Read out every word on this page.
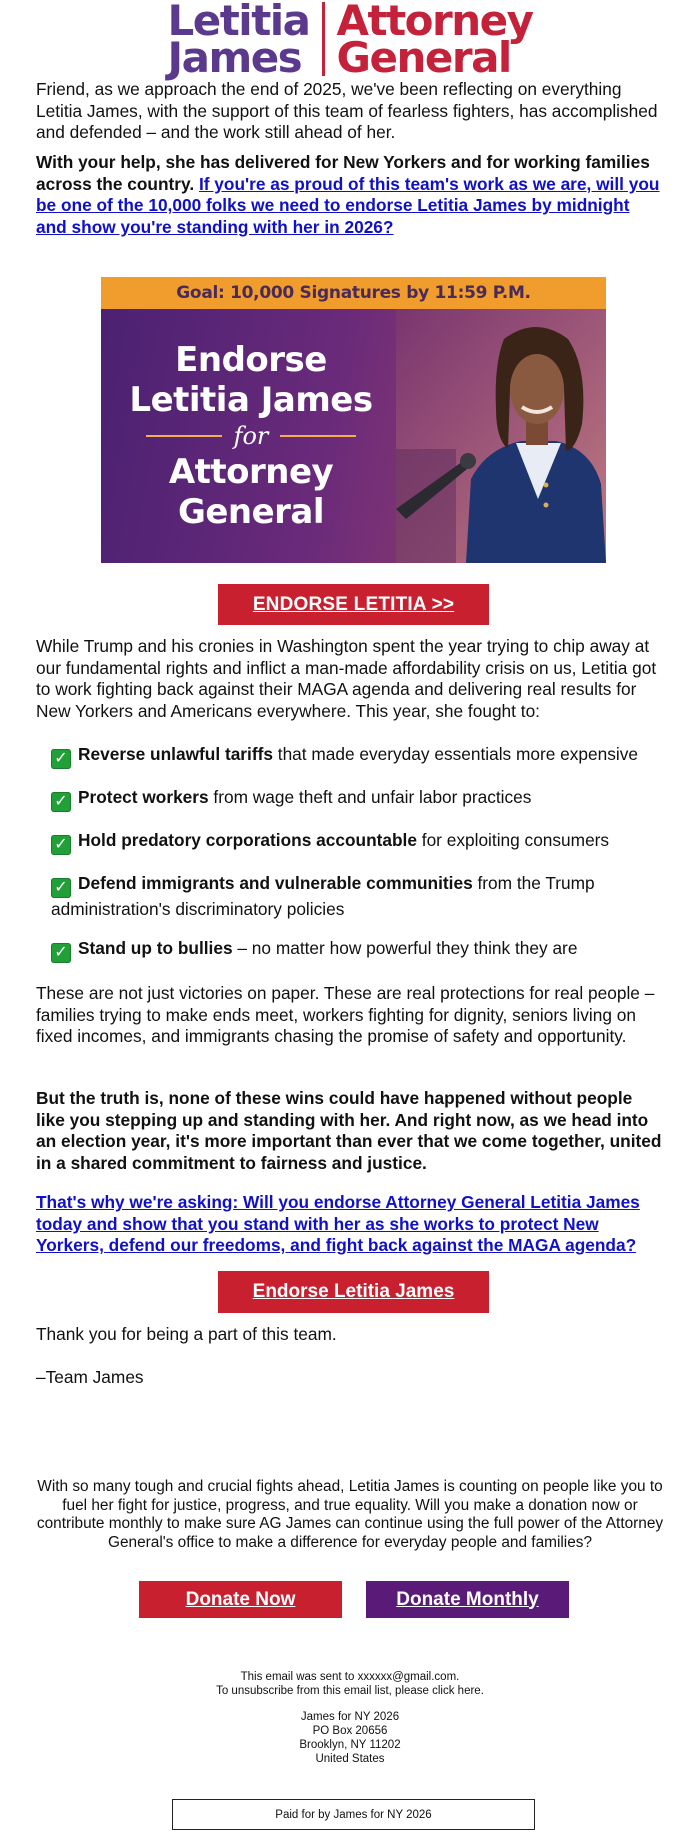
Letitia
James
Attorney
General

Friend, as we approach the end of 2025, we've been reflecting on everything Letitia James, with the support of this team of fearless fighters, has accomplished and defended – and the work still ahead of her.

With your help, she has delivered for New Yorkers and for working families across the country. If you're as proud of this team's work as we are, will you be one of the 10,000 folks we need to endorse Letitia James by midnight and show you're standing with her in 2026?

Goal: 10,000 Signatures by 11:59 P.M.
Endorse
Letitia James
for
Attorney
General
ENDORSE LETITIA >>

While Trump and his cronies in Washington spent the year trying to chip away at our fundamental rights and inflict a man-made affordability crisis on us, Letitia got to work fighting back against their MAGA agenda and delivering real results for New Yorkers and Americans everywhere. This year, she fought to:

✓ Reverse unlawful tariffs that made everyday essentials more expensive
✓ Protect workers from wage theft and unfair labor practices
✓ Hold predatory corporations accountable for exploiting consumers
✓ Defend immigrants and vulnerable communities from the Trump administration's discriminatory policies
✓ Stand up to bullies – no matter how powerful they think they are

These are not just victories on paper. These are real protections for real people – families trying to make ends meet, workers fighting for dignity, seniors living on fixed incomes, and immigrants chasing the promise of safety and opportunity.

But the truth is, none of these wins could have happened without people like you stepping up and standing with her. And right now, as we head into an election year, it's more important than ever that we come together, united in a shared commitment to fairness and justice.

That's why we're asking: Will you endorse Attorney General Letitia James today and show that you stand with her as she works to protect New Yorkers, defend our freedoms, and fight back against the MAGA agenda?

Endorse Letitia James

Thank you for being a part of this team.

–Team James

With so many tough and crucial fights ahead, Letitia James is counting on people like you to fuel her fight for justice, progress, and true equality. Will you make a donation now or contribute monthly to make sure AG James can continue using the full power of the Attorney General's office to make a difference for everyday people and families?

Donate Now	Donate Monthly
This email was sent to xxxxxx@gmail.com.
To unsubscribe from this email list, please click here.
James for NY 2026
PO Box 20656
Brooklyn, NY 11202
United States
Paid for by James for NY 2026
